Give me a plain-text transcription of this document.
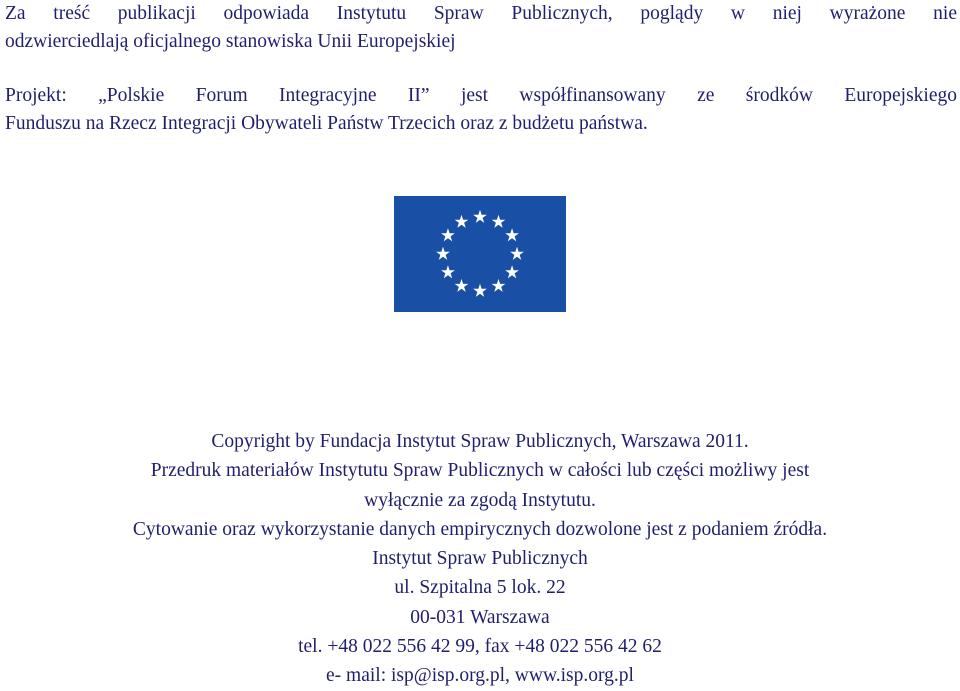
Za treść publikacji odpowiada Instytutu Spraw Publicznych, poglądy w niej wyrażone nie
odzwierciedlają oficjalnego stanowiska Unii Europejskiej
Projekt: „Polskie Forum Integracyjne II” jest współfinansowany ze środków Europejskiego
Funduszu na Rzecz Integracji Obywateli Państw Trzecich oraz z budżetu państwa.
Copyright by Fundacja Instytut Spraw Publicznych, Warszawa 2011.
Przedruk materiałów Instytutu Spraw Publicznych w całości lub części możliwy jest
wyłącznie za zgodą Instytutu.
Cytowanie oraz wykorzystanie danych empirycznych dozwolone jest z podaniem źródła.
Instytut Spraw Publicznych
ul. Szpitalna 5 lok. 22
00-031 Warszawa
tel. +48 022 556 42 99, fax +48 022 556 42 62
e- mail: isp@isp.org.pl, www.isp.org.pl
